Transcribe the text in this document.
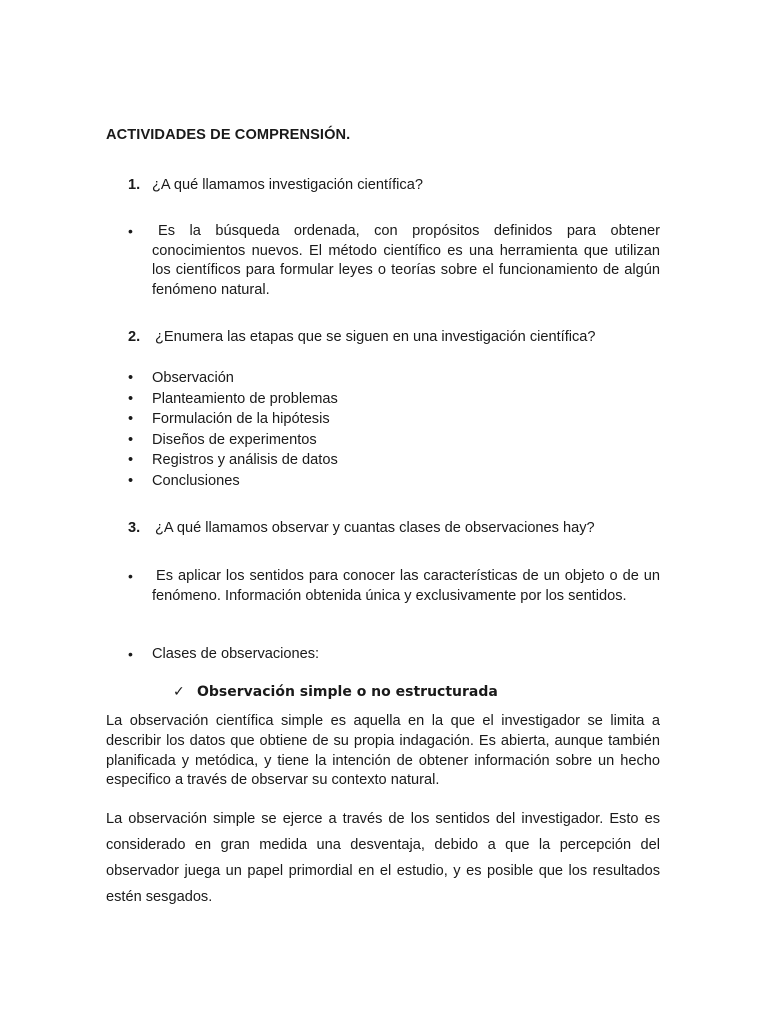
ACTIVIDADES DE COMPRENSIÓN.
1. ¿A qué llamamos investigación científica?
•	Es la búsqueda ordenada, con propósitos definidos para obtener conocimientos nuevos. El método científico es una herramienta que utilizan los científicos para formular leyes o teorías sobre el funcionamiento de algún fenómeno natural.
2. ¿Enumera las etapas que se siguen en una investigación científica?
•	Observación
•	Planteamiento de problemas
•	Formulación de la hipótesis
•	Diseños de experimentos
•	Registros y análisis de datos
•	Conclusiones
3. ¿A qué llamamos observar y cuantas clases de observaciones hay?
•	Es aplicar los sentidos para conocer las características de un objeto o de un fenómeno. Información obtenida única y exclusivamente por los sentidos.
•	Clases de observaciones:
✓ Observación simple o no estructurada
La observación científica simple es aquella en la que el investigador se limita a describir los datos que obtiene de su propia indagación. Es abierta, aunque también planificada y metódica, y tiene la intención de obtener información sobre un hecho especifico a través de observar su contexto natural.
La observación simple se ejerce a través de los sentidos del investigador. Esto es considerado en gran medida una desventaja, debido a que la percepción del observador juega un papel primordial en el estudio, y es posible que los resultados estén sesgados.
